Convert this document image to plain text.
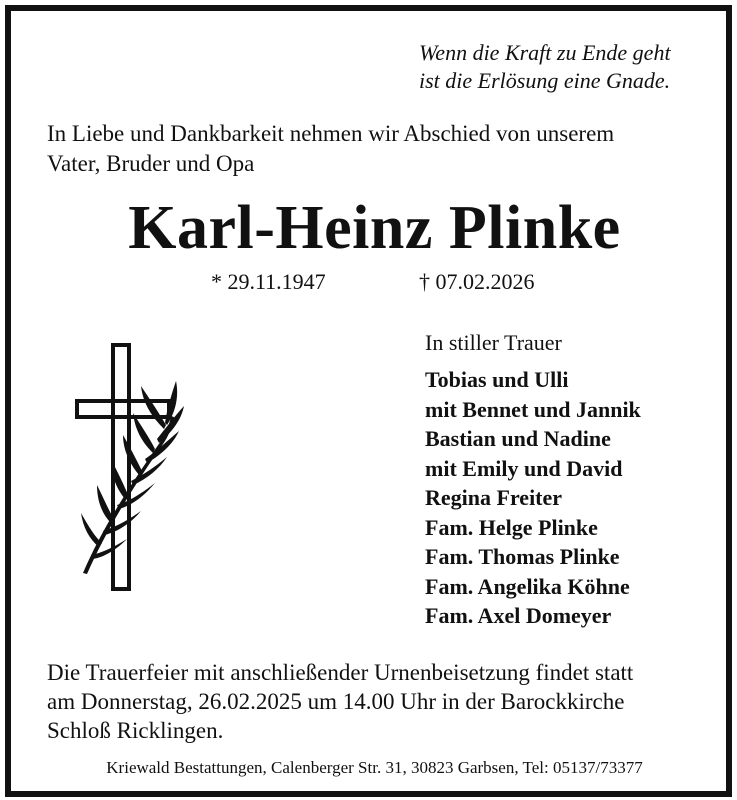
Wenn die Kraft zu Ende geht
ist die Erlösung eine Gnade.
In Liebe und Dankbarkeit nehmen wir Abschied von unserem
Vater, Bruder und Opa
Karl-Heinz Plinke
* 29.11.1947	† 07.02.2026
In stiller Trauer
Tobias und Ulli
mit Bennet und Jannik
Bastian und Nadine
mit Emily und David
Regina Freiter
Fam. Helge Plinke
Fam. Thomas Plinke
Fam. Angelika Köhne
Fam. Axel Domeyer
Die Trauerfeier mit anschließender Urnenbeisetzung findet statt
am Donnerstag, 26.02.2025 um 14.00 Uhr in der Barockkirche
Schloß Ricklingen.
Kriewald Bestattungen, Calenberger Str. 31, 30823 Garbsen, Tel: 05137/73377
